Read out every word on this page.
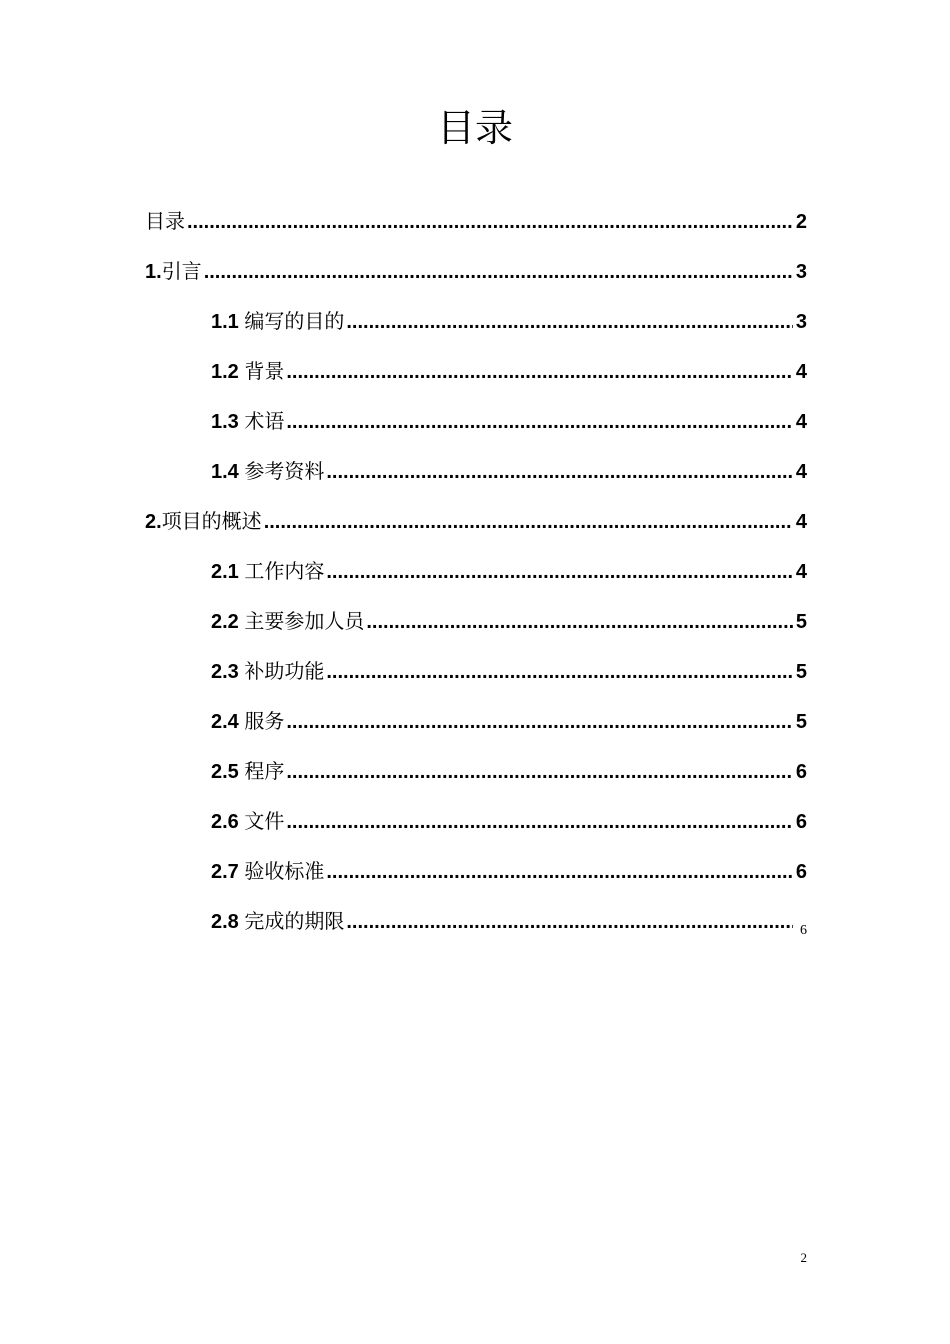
目录
目录 .....	2
1. 引言 .....	3
1.1 编写的目的 .....	3
1.2 背景 .....	4
1.3 术语 .....	4
1.4 参考资料 .....	4
2. 项目的概述 .....	4
2.1 工作内容 .....	4
2.2 主要参加人员 .....	5
2.3 补助功能 .....	5
2.4 服务 .....	5
2.5 程序 .....	6
2.6 文件 .....	6
2.7 验收标准 .....	6
2.8 完成的期限 .....	6
2
